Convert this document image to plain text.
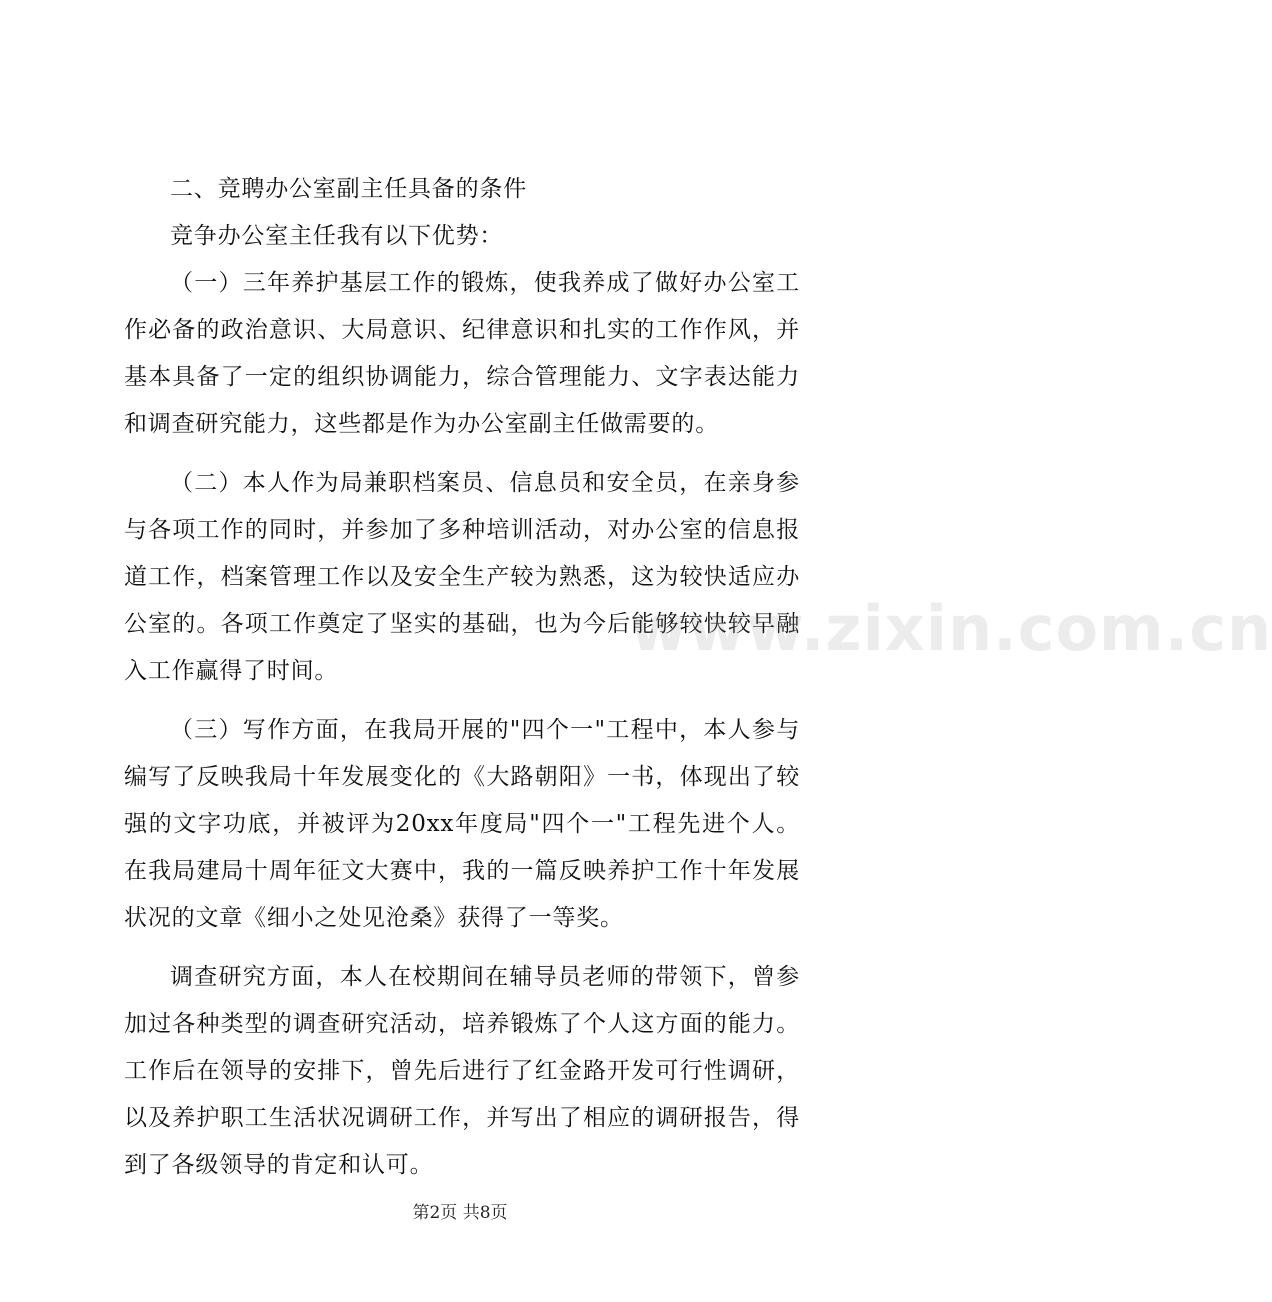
二、竞聘办公室副主任具备的条件

竞争办公室主任我有以下优势：

（一）三年养护基层工作的锻炼，使我养成了做好办公室工作必备的政治意识、大局意识、纪律意识和扎实的工作作风，并基本具备了一定的组织协调能力，综合管理能力、文字表达能力和调查研究能力，这些都是作为办公室副主任做需要的。

（二）本人作为局兼职档案员、信息员和安全员，在亲身参与各项工作的同时，并参加了多种培训活动，对办公室的信息报道工作，档案管理工作以及安全生产较为熟悉，这为较快适应办公室的。各项工作奠定了坚实的基础，也为今后能够较快较早融入工作赢得了时间。

（三）写作方面，在我局开展的"四个一"工程中，本人参与编写了反映我局十年发展变化的《大路朝阳》一书，体现出了较强的文字功底，并被评为20xx年度局"四个一"工程先进个人。在我局建局十周年征文大赛中，我的一篇反映养护工作十年发展状况的文章《细小之处见沧桑》获得了一等奖。

调查研究方面，本人在校期间在辅导员老师的带领下，曾参加过各种类型的调查研究活动，培养锻炼了个人这方面的能力。工作后在领导的安排下，曾先后进行了红金路开发可行性调研，以及养护职工生活状况调研工作，并写出了相应的调研报告，得到了各级领导的肯定和认可。

www.zixin.com.cn
第2页 共8页
